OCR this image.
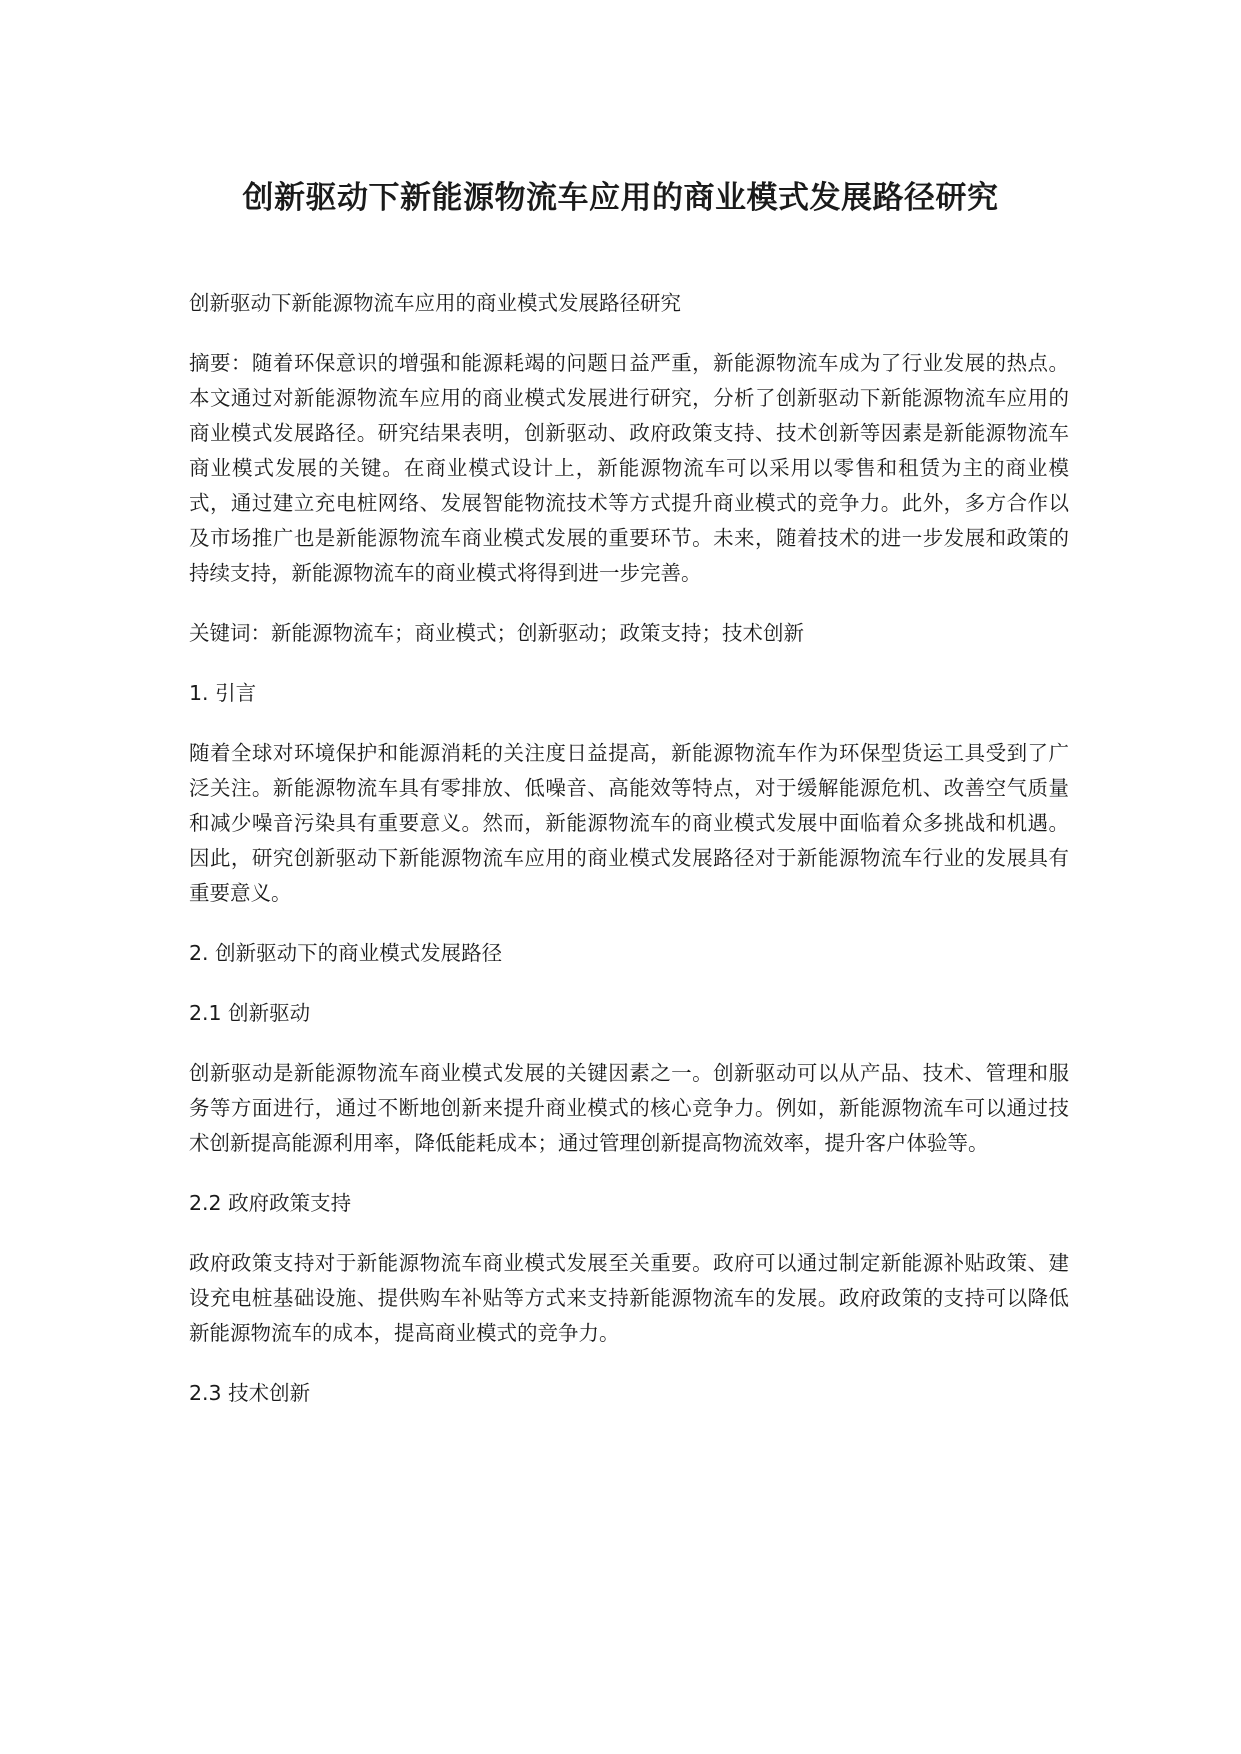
创新驱动下新能源物流车应用的商业模式发展路径研究

创新驱动下新能源物流车应用的商业模式发展路径研究

摘要：随着环保意识的增强和能源耗竭的问题日益严重，新能源物流车成为了行业发展的热点。本文通过对新能源物流车应用的商业模式发展进行研究，分析了创新驱动下新能源物流车应用的商业模式发展路径。研究结果表明，创新驱动、政府政策支持、技术创新等因素是新能源物流车商业模式发展的关键。在商业模式设计上，新能源物流车可以采用以零售和租赁为主的商业模式，通过建立充电桩网络、发展智能物流技术等方式提升商业模式的竞争力。此外，多方合作以及市场推广也是新能源物流车商业模式发展的重要环节。未来，随着技术的进一步发展和政策的持续支持，新能源物流车的商业模式将得到进一步完善。

关键词：新能源物流车；商业模式；创新驱动；政策支持；技术创新

1. 引言

随着全球对环境保护和能源消耗的关注度日益提高，新能源物流车作为环保型货运工具受到了广泛关注。新能源物流车具有零排放、低噪音、高能效等特点，对于缓解能源危机、改善空气质量和减少噪音污染具有重要意义。然而，新能源物流车的商业模式发展中面临着众多挑战和机遇。因此，研究创新驱动下新能源物流车应用的商业模式发展路径对于新能源物流车行业的发展具有重要意义。

2. 创新驱动下的商业模式发展路径

2.1 创新驱动

创新驱动是新能源物流车商业模式发展的关键因素之一。创新驱动可以从产品、技术、管理和服务等方面进行，通过不断地创新来提升商业模式的核心竞争力。例如，新能源物流车可以通过技术创新提高能源利用率，降低能耗成本；通过管理创新提高物流效率，提升客户体验等。

2.2 政府政策支持

政府政策支持对于新能源物流车商业模式发展至关重要。政府可以通过制定新能源补贴政策、建设充电桩基础设施、提供购车补贴等方式来支持新能源物流车的发展。政府政策的支持可以降低新能源物流车的成本，提高商业模式的竞争力。

2.3 技术创新
